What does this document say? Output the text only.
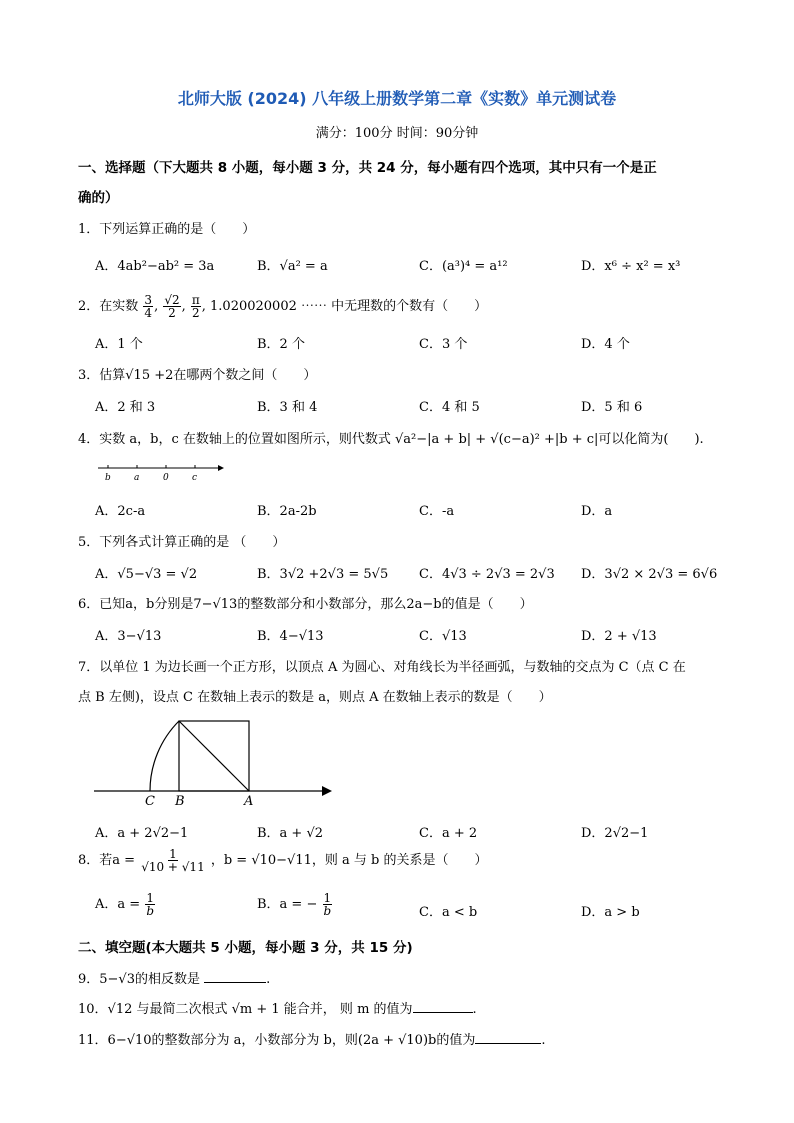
北师大版 (2024) 八年级上册数学第二章《实数》单元测试卷
满分：100分 时间：90分钟
一、选择题（下大题共 8 小题，每小题 3 分，共 24 分，每小题有四个选项，其中只有一个是正
确的）
1．下列运算正确的是（　　）
A．4ab²−ab² = 3a	B．√a² = a	C．(a³)⁴ = a¹²	D．x⁶ ÷ x² = x³
2．在实数 $\frac{3}{4}$ , $\frac{√2}{2}$ , $\frac{\pi}{2}$ , 1.020020002 ⋯⋯ 中无理数的个数有（　　）
A．1 个	B．2 个	C．3 个	D．4 个
3．估算√15 +2在哪两个数之间（　　）
A．2 和 3	B．3 和 4	C．4 和 5	D．5 和 6
4．实数 a，b，c 在数轴上的位置如图所示，则代数式 √a²−|a + b| + √(c−a)² +|b + c|可以化简为(　　).
b	a	0	c
A．2c-a	B．2a-2b	C．-a	D．a
5．下列各式计算正确的是 （　　）
A．√5−√3 = √2	B．3√2 +2√3 = 5√5 C．4√3 ÷ 2√3 = 2√3 D．3√2 × 2√3 = 6√6
6．已知a，b分别是7−√13的整数部分和小数部分，那么2a−b的值是（　　）
A．3−√13	B．4−√13	C．√13	D．2 + √13
7．以单位 1 为边长画一个正方形，以顶点 A 为圆心、对角线长为半径画弧，与数轴的交点为 C（点 C 在
点 B 左侧)，设点 C 在数轴上表示的数是 a，则点 A 在数轴上表示的数是（　　）
C B	A
A．a + 2√2−1	B．a + √2	C．a + 2	D．2√2−1
8．若$a = \frac{1}{√10 + √11}$ ，b = √10−√11，则 a 与 b 的关系是（　　）
A．$a = \frac{1}{b}$	B．a = − $\frac{1}{b}$	C．a < b	D．a > b
二、填空题(本大题共 5 小题，每小题 3 分，共 15 分)
9．5−√3的相反数是	.
10．√12 与最简二次根式 √m + 1 能合并， 则 m 的值为	.
11．6−√10的整数部分为 a，小数部分为 b，则(2a + √10)b的值为	.
